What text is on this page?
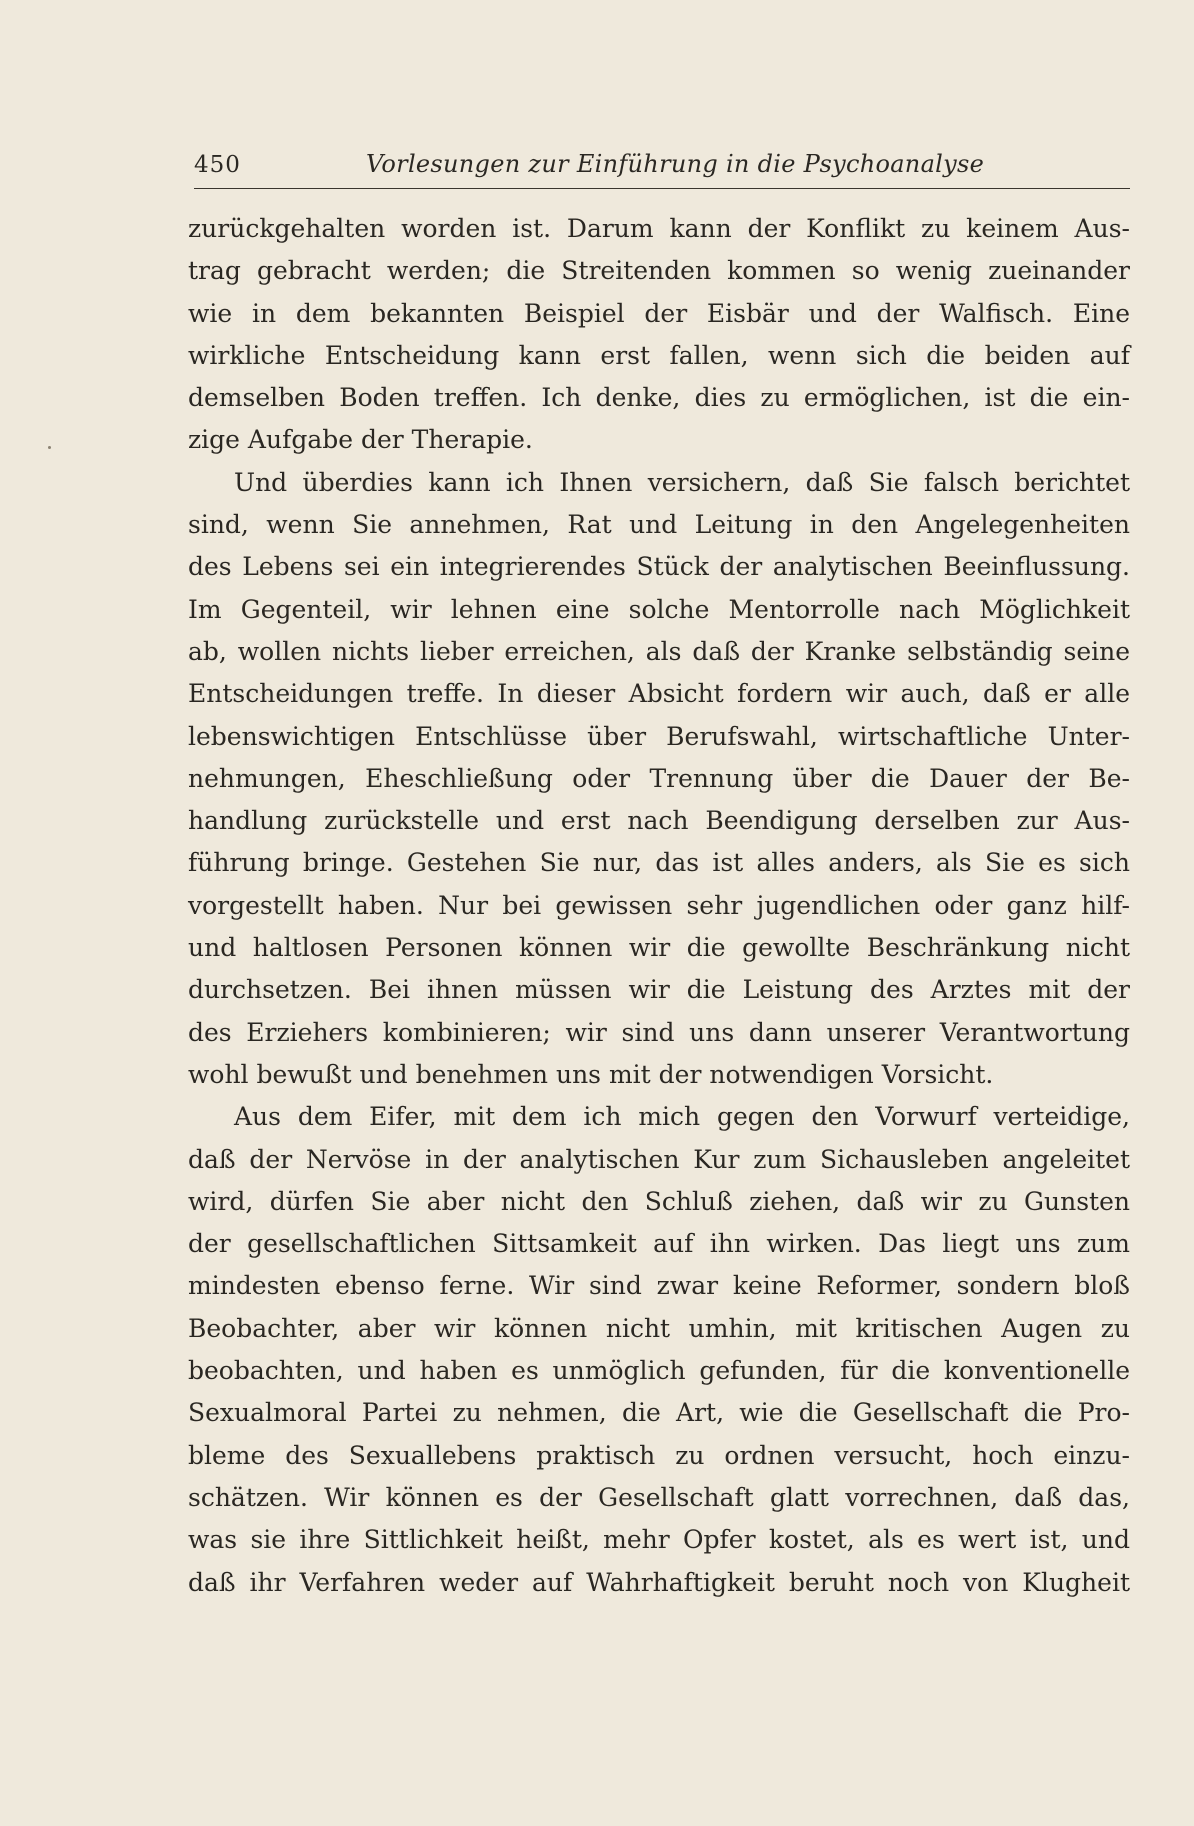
450	Vorlesungen zur Einführung in die Psychoanalyse
zurückgehalten worden ist. Darum kann der Konflikt zu keinem Aus-
trag gebracht werden; die Streitenden kommen so wenig zueinander
wie in dem bekannten Beispiel der Eisbär und der Walfisch. Eine
wirkliche Entscheidung kann erst fallen, wenn sich die beiden auf
demselben Boden treffen. Ich denke, dies zu ermöglichen, ist die ein-
zige Aufgabe der Therapie.
Und überdies kann ich Ihnen versichern, daß Sie falsch berichtet
sind, wenn Sie annehmen, Rat und Leitung in den Angelegenheiten
des Lebens sei ein integrierendes Stück der analytischen Beeinflussung.
Im Gegenteil, wir lehnen eine solche Mentorrolle nach Möglichkeit
ab, wollen nichts lieber erreichen, als daß der Kranke selbständig seine
Entscheidungen treffe. In dieser Absicht fordern wir auch, daß er alle
lebenswichtigen Entschlüsse über Berufswahl, wirtschaftliche Unter-
nehmungen, Eheschließung oder Trennung über die Dauer der Be-
handlung zurückstelle und erst nach Beendigung derselben zur Aus-
führung bringe. Gestehen Sie nur, das ist alles anders, als Sie es sich
vorgestellt haben. Nur bei gewissen sehr jugendlichen oder ganz hilf-
und haltlosen Personen können wir die gewollte Beschränkung nicht
durchsetzen. Bei ihnen müssen wir die Leistung des Arztes mit der
des Erziehers kombinieren; wir sind uns dann unserer Verantwortung
wohl bewußt und benehmen uns mit der notwendigen Vorsicht.
Aus dem Eifer, mit dem ich mich gegen den Vorwurf verteidige,
daß der Nervöse in der analytischen Kur zum Sichausleben angeleitet
wird, dürfen Sie aber nicht den Schluß ziehen, daß wir zu Gunsten
der gesellschaftlichen Sittsamkeit auf ihn wirken. Das liegt uns zum
mindesten ebenso ferne. Wir sind zwar keine Reformer, sondern bloß
Beobachter, aber wir können nicht umhin, mit kritischen Augen zu
beobachten, und haben es unmöglich gefunden, für die konventionelle
Sexualmoral Partei zu nehmen, die Art, wie die Gesellschaft die Pro-
bleme des Sexuallebens praktisch zu ordnen versucht, hoch einzu-
schätzen. Wir können es der Gesellschaft glatt vorrechnen, daß das,
was sie ihre Sittlichkeit heißt, mehr Opfer kostet, als es wert ist, und
daß ihr Verfahren weder auf Wahrhaftigkeit beruht noch von Klugheit
